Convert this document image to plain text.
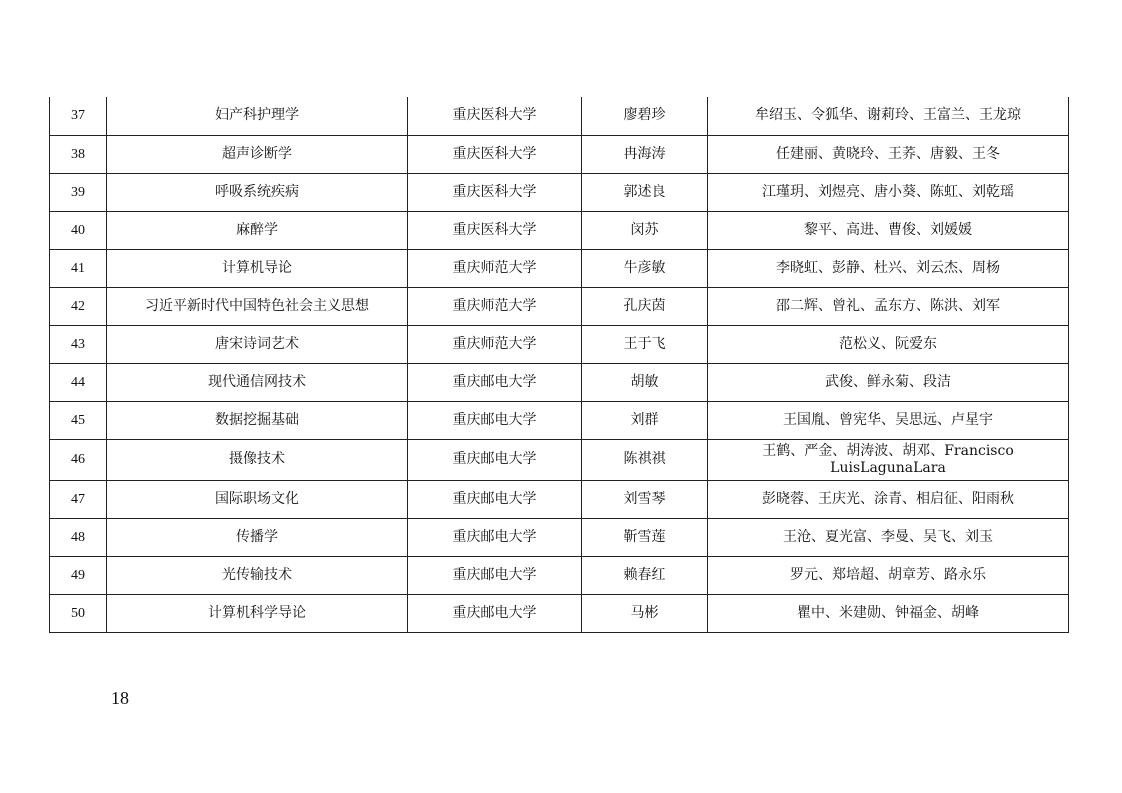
37	妇产科护理学	重庆医科大学	廖碧珍	牟绍玉、令狐华、谢莉玲、王富兰、王龙琼
38	超声诊断学	重庆医科大学	冉海涛	任建丽、黄晓玲、王荞、唐毅、王冬
39	呼吸系统疾病	重庆医科大学	郭述良	江瑾玥、刘煜亮、唐小葵、陈虹、刘乾瑶
40	麻醉学	重庆医科大学	闵苏	黎平、高进、曹俊、刘媛媛
41	计算机导论	重庆师范大学	牛彦敏	李晓虹、彭静、杜兴、刘云杰、周杨
42	习近平新时代中国特色社会主义思想	重庆师范大学	孔庆茵	邵二辉、曾礼、孟东方、陈洪、刘军
43	唐宋诗词艺术	重庆师范大学	王于飞	范松义、阮爱东
44	现代通信网技术	重庆邮电大学	胡敏	武俊、鲜永菊、段洁
45	数据挖掘基础	重庆邮电大学	刘群	王国胤、曾宪华、吴思远、卢星宇
46	摄像技术	重庆邮电大学	陈祺祺	王鹤、严金、胡涛波、胡邓、Francisco LuisLagunaLara
47	国际职场文化	重庆邮电大学	刘雪琴	彭晓蓉、王庆光、涂青、相启征、阳雨秋
48	传播学	重庆邮电大学	靳雪莲	王沧、夏光富、李曼、吴飞、刘玉
49	光传输技术	重庆邮电大学	赖春红	罗元、郑培超、胡章芳、路永乐
50	计算机科学导论	重庆邮电大学	马彬	瞿中、米建勋、钟福金、胡峰
18
